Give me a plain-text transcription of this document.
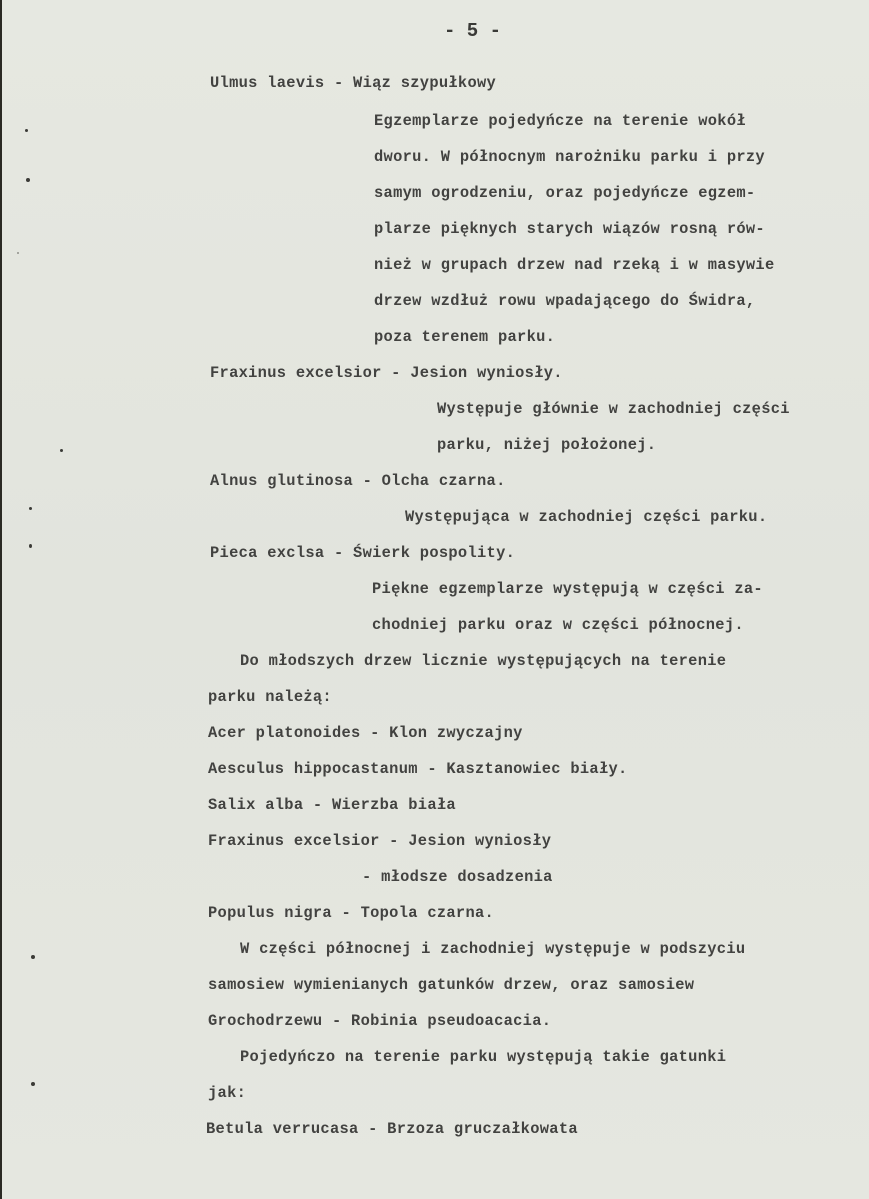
- 5 -
Ulmus laevis - Wiąz szypułkowy
Egzemplarze pojedyńcze na terenie wokół
dworu. W północnym narożniku parku i przy
samym ogrodzeniu, oraz pojedyńcze egzem-
plarze pięknych starych wiązów rosną rów-
nież w grupach drzew nad rzeką i w masywie
drzew wzdłuż rowu wpadającego do Świdra,
poza terenem parku.
Fraxinus excelsior - Jesion wyniosły.
Występuje głównie w zachodniej części
parku, niżej położonej.
Alnus glutinosa - Olcha czarna.
Występująca w zachodniej części parku.
Pieca exclsa - Świerk pospolity.
Piękne egzemplarze występują w części za-
chodniej parku oraz w części północnej.
Do młodszych drzew licznie występujących na terenie
parku należą:
Acer platonoides - Klon zwyczajny
Aesculus hippocastanum - Kasztanowiec biały.
Salix alba - Wierzba biała
Fraxinus excelsior - Jesion wyniosły
- młodsze dosadzenia
Populus nigra - Topola czarna.
W części północnej i zachodniej występuje w podszyciu
samosiew wymienianych gatunków drzew, oraz samosiew
Grochodrzewu - Robinia pseudoacacia.
Pojedyńczo na terenie parku występują takie gatunki
jak:
Betula verrucasa - Brzoza gruczałkowata
